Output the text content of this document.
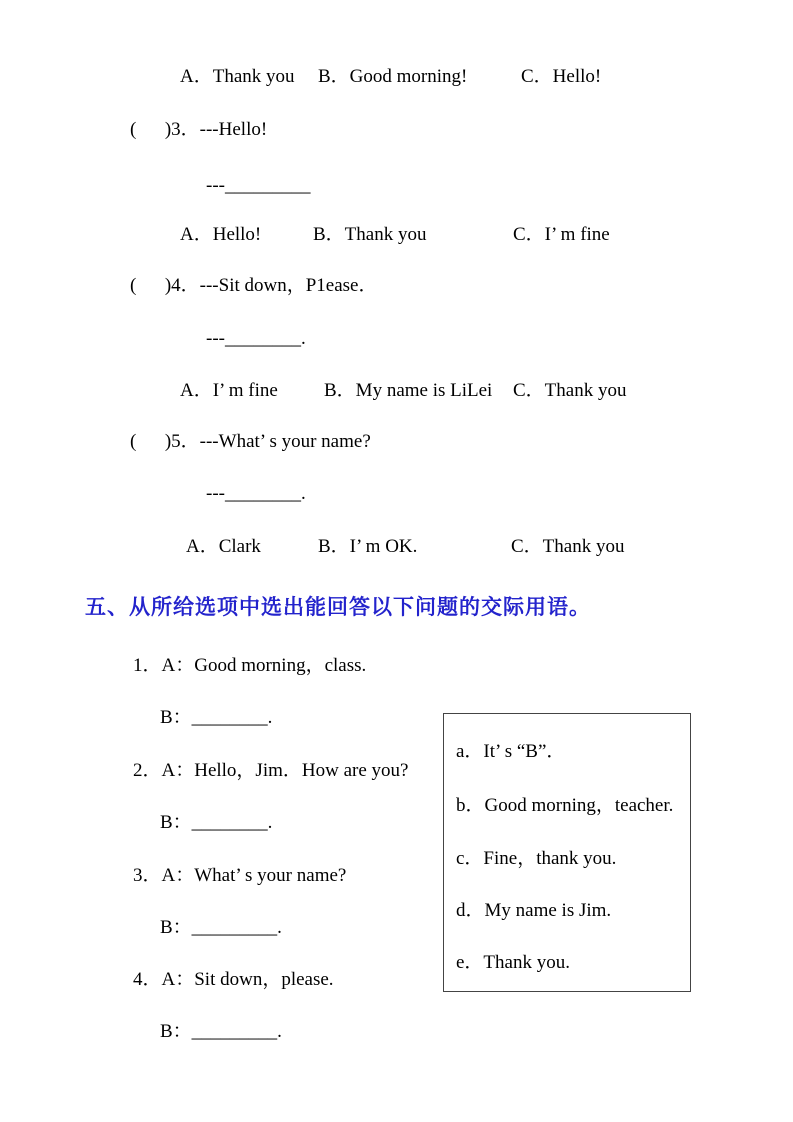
A．Thank you B．Good morning!	C．Hello!
(      )3．---Hello!
---_________
A．Hello!	B．Thank you	C．I’ m fine
(      )4．---Sit down，P1ease．
---________.
A．I’ m fine B．My name is LiLei C．Thank you
(      )5．---What’ s your name?
---________.
A．Clark	B．I’ m OK.	C．Thank you
五、从所给选项中选出能回答以下问题的交际用语。
1．A：Good morning，class.
B：________.
2．A：Hello，Jim．How are you?
B：________.
3．A：What’ s your name?
B：_________.
4．A：Sit down，please.
B：_________.
a．It’ s “B”．
b．Good morning，teacher.
c．Fine，thank you.
d．My name is Jim.
e．Thank you.
